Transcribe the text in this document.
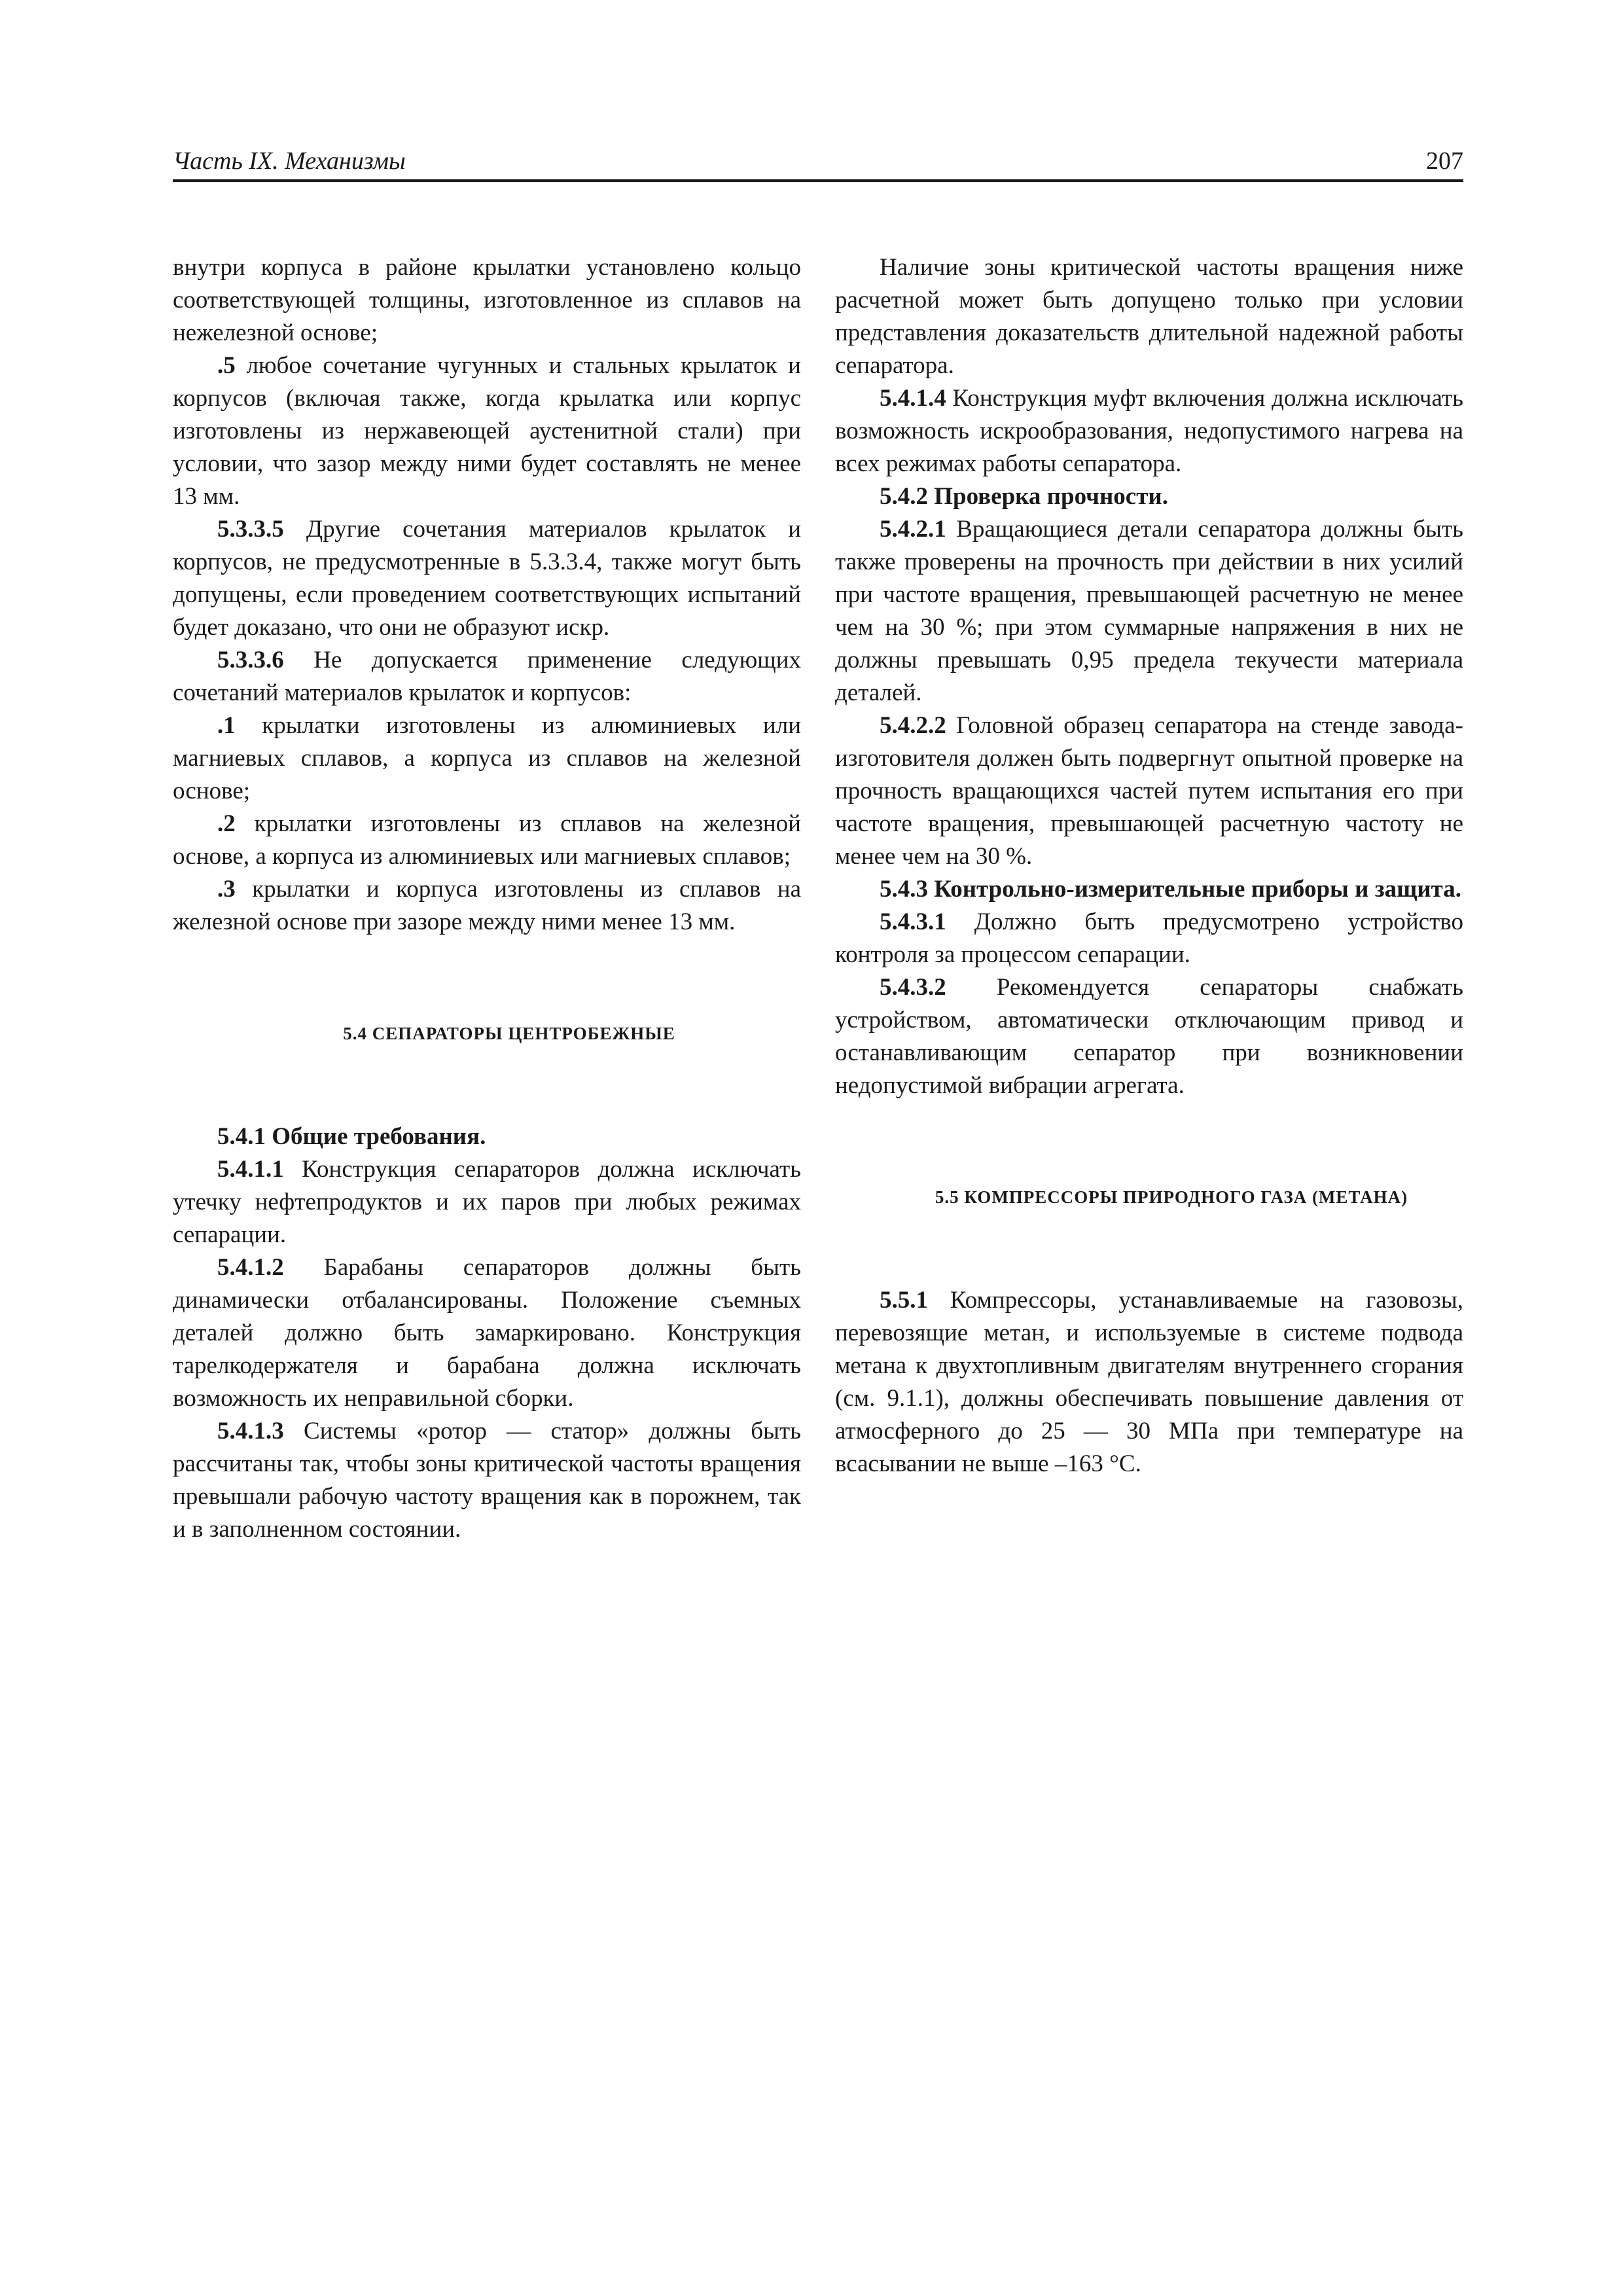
Часть IX. Механизмы	207

внутри корпуса в районе крылатки установлено кольцо соответствующей толщины, изготовленное из сплавов на нежелезной основе;

.5 любое сочетание чугунных и стальных крылаток и корпусов (включая также, когда крылатка или корпус изготовлены из нержавеющей аустенитной стали) при условии, что зазор между ними будет составлять не менее 13 мм.

5.3.3.5 Другие сочетания материалов крылаток и корпусов, не предусмотренные в 5.3.3.4, также могут быть допущены, если проведением соответствующих испытаний будет доказано, что они не образуют искр.

5.3.3.6 Не допускается применение следующих сочетаний материалов крылаток и корпусов:

.1 крылатки изготовлены из алюминиевых или магниевых сплавов, а корпуса из сплавов на железной основе;

.2 крылатки изготовлены из сплавов на железной основе, а корпуса из алюминиевых или магниевых сплавов;

.3 крылатки и корпуса изготовлены из сплавов на железной основе при зазоре между ними менее 13 мм.

5.4 СЕПАРАТОРЫ ЦЕНТРОБЕЖНЫЕ

5.4.1 Общие требования.

5.4.1.1 Конструкция сепараторов должна исключать утечку нефтепродуктов и их паров при любых режимах сепарации.

5.4.1.2 Барабаны сепараторов должны быть динамически отбалансированы. Положение съемных деталей должно быть замаркировано. Конструкция тарелкодержателя и барабана должна исключать возможность их неправильной сборки.

5.4.1.3 Системы «ротор — статор» должны быть рассчитаны так, чтобы зоны критической частоты вращения превышали рабочую частоту вращения как в порожнем, так и в заполненном состоянии.

Наличие зоны критической частоты вращения ниже расчетной может быть допущено только при условии представления доказательств длительной надежной работы сепаратора.

5.4.1.4 Конструкция муфт включения должна исключать возможность искрообразования, недопустимого нагрева на всех режимах работы сепаратора.

5.4.2 Проверка прочности.

5.4.2.1 Вращающиеся детали сепаратора должны быть также проверены на прочность при действии в них усилий при частоте вращения, превышающей расчетную не менее чем на 30 %; при этом суммарные напряжения в них не должны превышать 0,95 предела текучести материала деталей.

5.4.2.2 Головной образец сепаратора на стенде завода-изготовителя должен быть подвергнут опытной проверке на прочность вращающихся частей путем испытания его при частоте вращения, превышающей расчетную частоту не менее чем на 30 %.

5.4.3 Контрольно-измерительные приборы и защита.

5.4.3.1 Должно быть предусмотрено устройство контроля за процессом сепарации.

5.4.3.2 Рекомендуется сепараторы снабжать устройством, автоматически отключающим привод и останавливающим сепаратор при возникновении недопустимой вибрации агрегата.

5.5 КОМПРЕССОРЫ ПРИРОДНОГО ГАЗА (МЕТАНА)

5.5.1 Компрессоры, устанавливаемые на газовозы, перевозящие метан, и используемые в системе подвода метана к двухтопливным двигателям внутреннего сгорания (см. 9.1.1), должны обеспечивать повышение давления от атмосферного до 25 — 30 МПа при температуре на всасывании не выше –163 °С.
